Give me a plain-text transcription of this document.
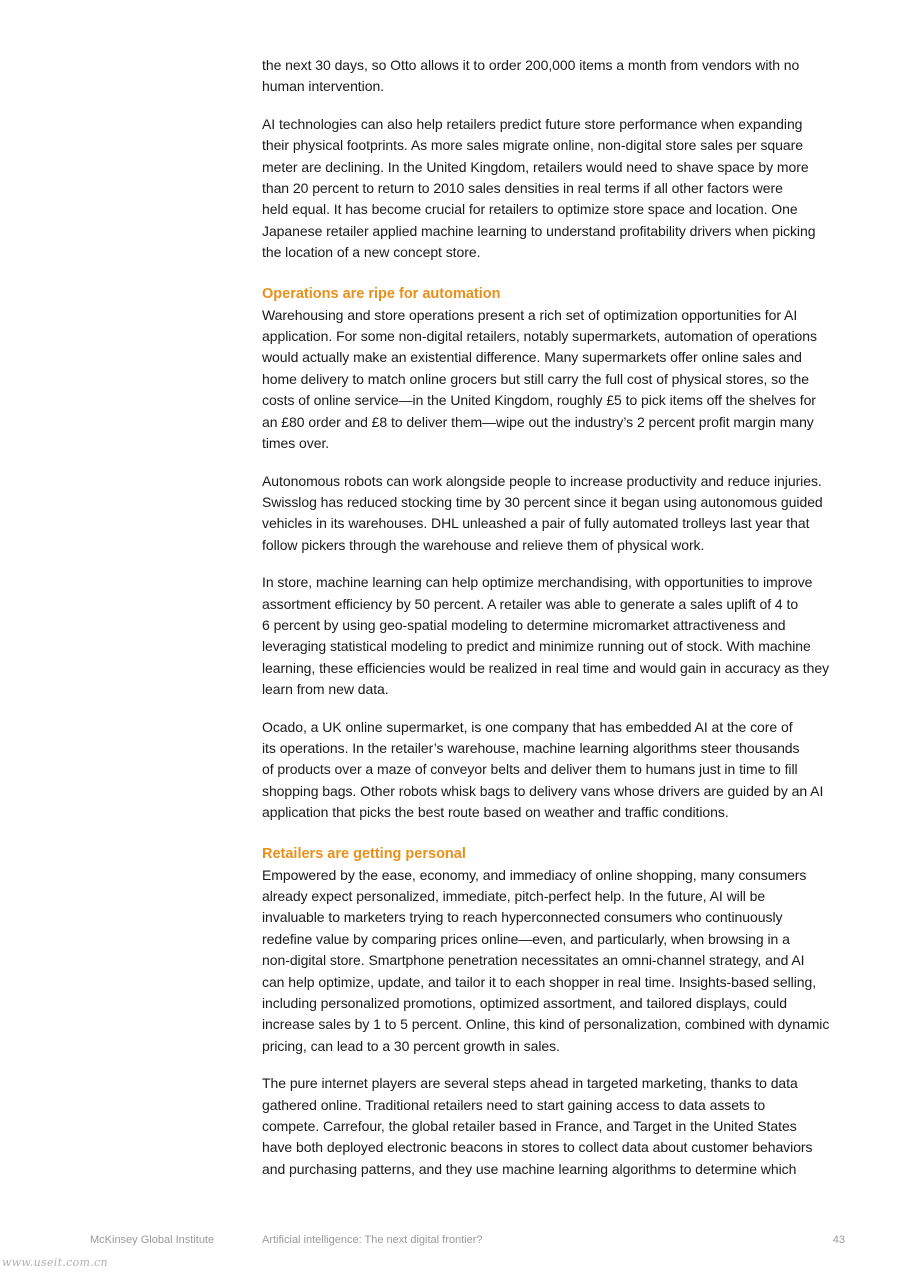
the next 30 days, so Otto allows it to order 200,000 items a month from vendors with no
human intervention.

AI technologies can also help retailers predict future store performance when expanding
their physical footprints. As more sales migrate online, non-digital store sales per square
meter are declining. In the United Kingdom, retailers would need to shave space by more
than 20 percent to return to 2010 sales densities in real terms if all other factors were
held equal. It has become crucial for retailers to optimize store space and location. One
Japanese retailer applied machine learning to understand profitability drivers when picking
the location of a new concept store.

Operations are ripe for automation

Warehousing and store operations present a rich set of optimization opportunities for AI
application. For some non-digital retailers, notably supermarkets, automation of operations
would actually make an existential difference. Many supermarkets offer online sales and
home delivery to match online grocers but still carry the full cost of physical stores, so the
costs of online service—in the United Kingdom, roughly £5 to pick items off the shelves for
an £80 order and £8 to deliver them—wipe out the industry’s 2 percent profit margin many
times over.

Autonomous robots can work alongside people to increase productivity and reduce injuries.
Swisslog has reduced stocking time by 30 percent since it began using autonomous guided
vehicles in its warehouses. DHL unleashed a pair of fully automated trolleys last year that
follow pickers through the warehouse and relieve them of physical work.

In store, machine learning can help optimize merchandising, with opportunities to improve
assortment efficiency by 50 percent. A retailer was able to generate a sales uplift of 4 to
6 percent by using geo-spatial modeling to determine micromarket attractiveness and
leveraging statistical modeling to predict and minimize running out of stock. With machine
learning, these efficiencies would be realized in real time and would gain in accuracy as they
learn from new data.

Ocado, a UK online supermarket, is one company that has embedded AI at the core of
its operations. In the retailer’s warehouse, machine learning algorithms steer thousands
of products over a maze of conveyor belts and deliver them to humans just in time to fill
shopping bags. Other robots whisk bags to delivery vans whose drivers are guided by an AI
application that picks the best route based on weather and traffic conditions.

Retailers are getting personal

Empowered by the ease, economy, and immediacy of online shopping, many consumers
already expect personalized, immediate, pitch-perfect help. In the future, AI will be
invaluable to marketers trying to reach hyperconnected consumers who continuously
redefine value by comparing prices online—even, and particularly, when browsing in a
non-digital store. Smartphone penetration necessitates an omni-channel strategy, and AI
can help optimize, update, and tailor it to each shopper in real time. Insights-based selling,
including personalized promotions, optimized assortment, and tailored displays, could
increase sales by 1 to 5 percent. Online, this kind of personalization, combined with dynamic
pricing, can lead to a 30 percent growth in sales.

The pure internet players are several steps ahead in targeted marketing, thanks to data
gathered online. Traditional retailers need to start gaining access to data assets to
compete. Carrefour, the global retailer based in France, and Target in the United States
have both deployed electronic beacons in stores to collect data about customer behaviors
and purchasing patterns, and they use machine learning algorithms to determine which

McKinsey Global Institute	Artificial intelligence: The next digital frontier?	43
www.useit.com.cn
